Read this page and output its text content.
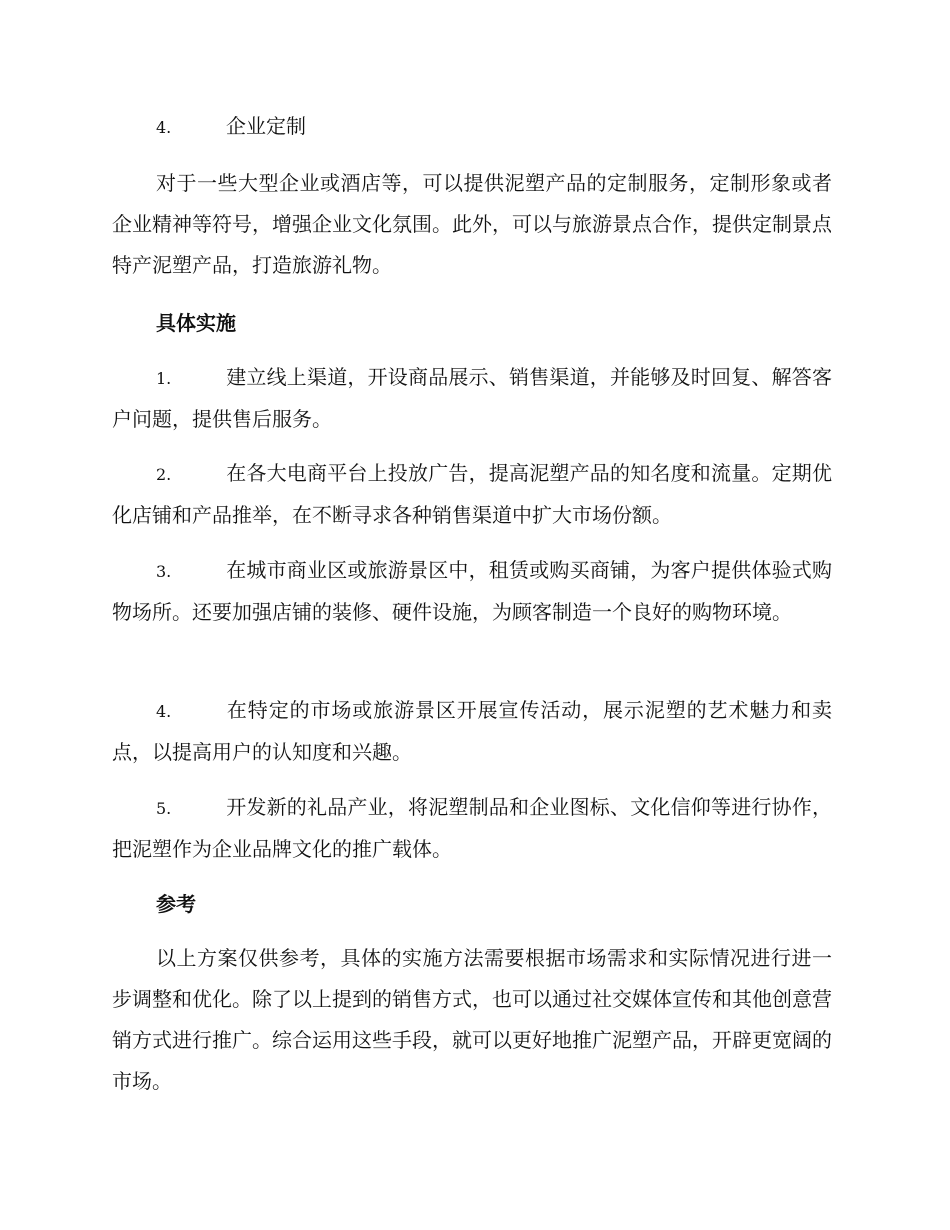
4.	企业定制
对于一些大型企业或酒店等，可以提供泥塑产品的定制服务，定制形象或者企业精神等符号，增强企业文化氛围。此外，可以与旅游景点合作，提供定制景点特产泥塑产品，打造旅游礼物。
具体实施
1.	建立线上渠道，开设商品展示、销售渠道，并能够及时回复、解答客户问题，提供售后服务。
2.	在各大电商平台上投放广告，提高泥塑产品的知名度和流量。定期优化店铺和产品推举，在不断寻求各种销售渠道中扩大市场份额。
3.	在城市商业区或旅游景区中，租赁或购买商铺，为客户提供体验式购物场所。还要加强店铺的装修、硬件设施，为顾客制造一个良好的购物环境。
4.	在特定的市场或旅游景区开展宣传活动，展示泥塑的艺术魅力和卖点，以提高用户的认知度和兴趣。
5.	开发新的礼品产业，将泥塑制品和企业图标、文化信仰等进行协作，把泥塑作为企业品牌文化的推广载体。
参考
以上方案仅供参考，具体的实施方法需要根据市场需求和实际情况进行进一步调整和优化。除了以上提到的销售方式，也可以通过社交媒体宣传和其他创意营销方式进行推广。综合运用这些手段，就可以更好地推广泥塑产品，开辟更宽阔的市场。
